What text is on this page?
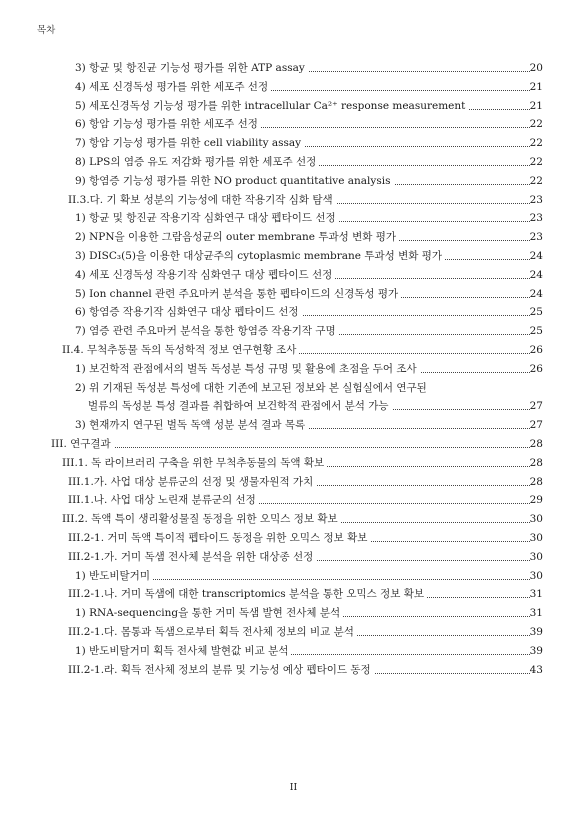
목차
3) 항균 및 항진균 기능성 평가를 위한 ATP assay	20
4) 세포 신경독성 평가를 위한 세포주 선정	21
5) 세포신경독성 기능성 평가를 위한 intracellular Ca²⁺ response measurement	21
6) 항암 기능성 평가를 위한 세포주 선정	22
7) 항암 기능성 평가를 위한 cell viability assay	22
8) LPS의 염증 유도 저감화 평가를 위한 세포주 선정	22
9) 항염증 기능성 평가를 위한 NO product quantitative analysis	22
II.3.다. 기 확보 성분의 기능성에 대한 작용기작 심화 탐색	23
1) 항균 및 항진균 작용기작 심화연구 대상 펩타이드 선정	23
2) NPN을 이용한 그람음성균의 outer membrane 투과성 변화 평가	23
3) DISC₃(5)을 이용한 대상균주의 cytoplasmic membrane 투과성 변화 평가	24
4) 세포 신경독성 작용기작 심화연구 대상 펩타이드 선정	24
5) Ion channel 관련 주요마커 분석을 통한 펩타이드의 신경독성 평가	24
6) 항염증 작용기작 심화연구 대상 펩타이드 선정	25
7) 염증 관련 주요마커 분석을 통한 항염증 작용기작 구명	25
II.4. 무척추동물 독의 독성학적 정보 연구현황 조사	26
1) 보건학적 관점에서의 벌독 독성분 특성 규명 및 활용에 초점을 두어 조사	26
2) 위 기재된 독성분 특성에 대한 기존에 보고된 정보와 본 실험실에서 연구된
벌류의 독성분 특성 결과를 취합하여 보건학적 관점에서 분석 가능	27
3) 현재까지 연구된 벌독 독액 성분 분석 결과 목록	27
III. 연구결과	28
III.1. 독 라이브러리 구축을 위한 무척추동물의 독액 확보	28
III.1.가. 사업 대상 분류군의 선정 및 생물자원적 가치	28
III.1.나. 사업 대상 노린재 분류군의 선정	29
III.2. 독액 특이 생리활성물질 동정을 위한 오믹스 정보 확보	30
III.2-1. 거미 독액 특이적 펩타이드 동정을 위한 오믹스 정보 확보	30
III.2-1.가. 거미 독샘 전사체 분석을 위한 대상종 선정	30
1) 반도비탈거미	30
III.2-1.나. 거미 독샘에 대한 transcriptomics 분석을 통한 오믹스 정보 확보	31
1) RNA-sequencing을 통한 거미 독샘 발현 전사체 분석	31
III.2-1.다. 몸통과 독샘으로부터 획득 전사체 정보의 비교 분석	39
1) 반도비탈거미 획득 전사체 발현값 비교 분석	39
III.2-1.라. 획득 전사체 정보의 분류 및 기능성 예상 펩타이드 동정	43
II
